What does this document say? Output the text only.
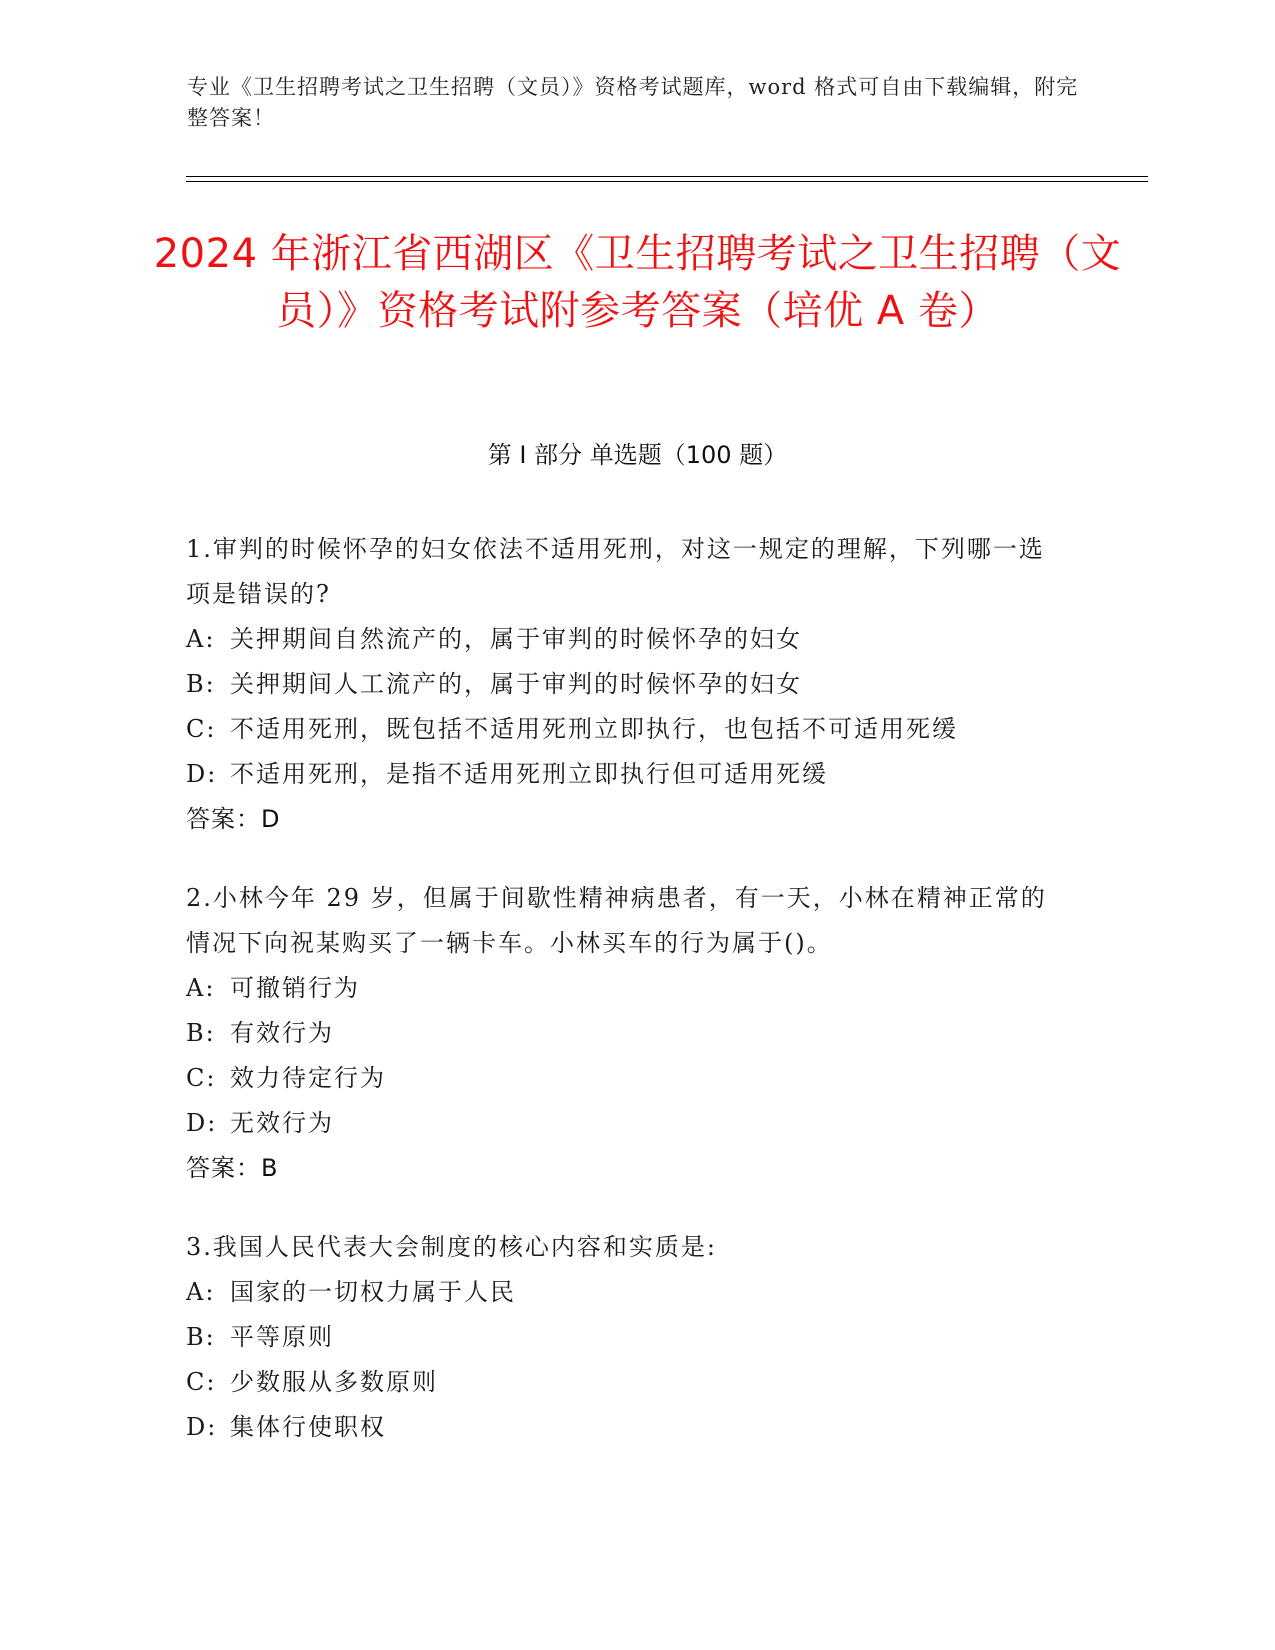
专业《卫生招聘考试之卫生招聘（文员）》资格考试题库，word 格式可自由下载编辑，附完整答案！
2024 年浙江省西湖区《卫生招聘考试之卫生招聘（文员）》资格考试附参考答案（培优 A 卷）
第 I 部分 单选题（100 题）
1.审判的时候怀孕的妇女依法不适用死刑，对这一规定的理解，下列哪一选项是错误的?
A: 关押期间自然流产的，属于审判的时候怀孕的妇女
B: 关押期间人工流产的，属于审判的时候怀孕的妇女
C: 不适用死刑，既包括不适用死刑立即执行，也包括不可适用死缓
D: 不适用死刑，是指不适用死刑立即执行但可适用死缓
答案：D
2.小林今年 29 岁，但属于间歇性精神病患者，有一天，小林在精神正常的情况下向祝某购买了一辆卡车。小林买车的行为属于()。
A: 可撤销行为
B: 有效行为
C: 效力待定行为
D: 无效行为
答案：B
3.我国人民代表大会制度的核心内容和实质是:
A: 国家的一切权力属于人民
B: 平等原则
C: 少数服从多数原则
D: 集体行使职权
